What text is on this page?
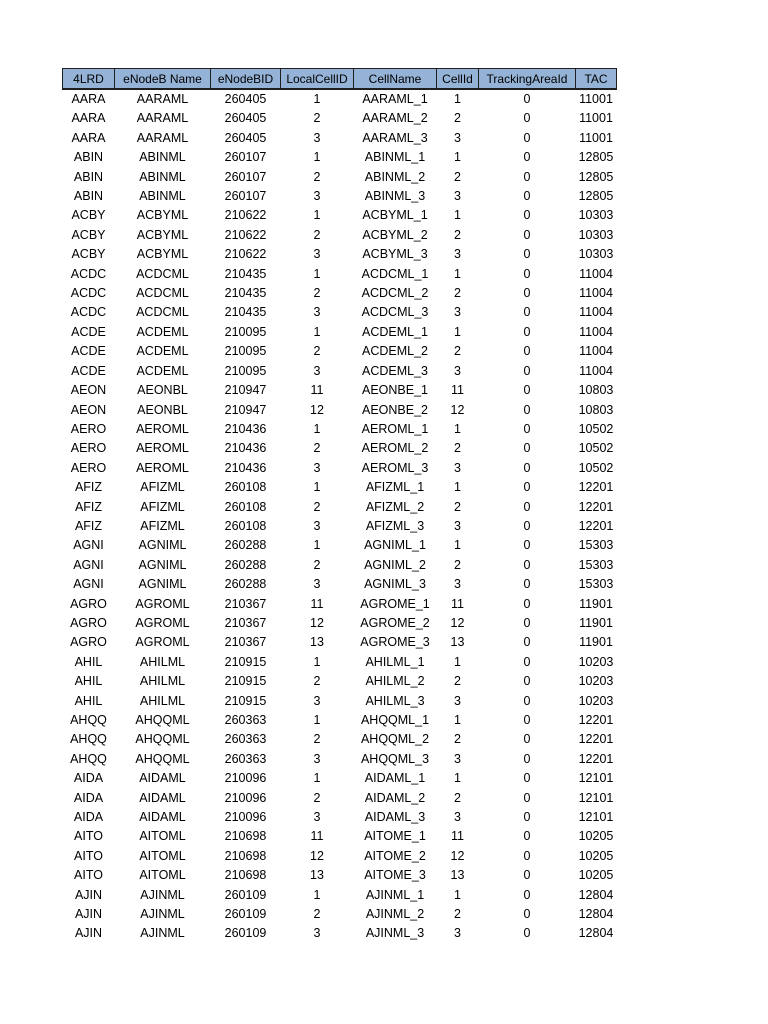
4LRD	eNodeB Name	eNodeBID	LocalCellID	CellName	CellId	TrackingAreaId	TAC
AARA	AARAML	260405	1	AARAML_1	1	0	11001
AARA	AARAML	260405	2	AARAML_2	2	0	11001
AARA	AARAML	260405	3	AARAML_3	3	0	11001
ABIN	ABINML	260107	1	ABINML_1	1	0	12805
ABIN	ABINML	260107	2	ABINML_2	2	0	12805
ABIN	ABINML	260107	3	ABINML_3	3	0	12805
ACBY	ACBYML	210622	1	ACBYML_1	1	0	10303
ACBY	ACBYML	210622	2	ACBYML_2	2	0	10303
ACBY	ACBYML	210622	3	ACBYML_3	3	0	10303
ACDC	ACDCML	210435	1	ACDCML_1	1	0	11004
ACDC	ACDCML	210435	2	ACDCML_2	2	0	11004
ACDC	ACDCML	210435	3	ACDCML_3	3	0	11004
ACDE	ACDEML	210095	1	ACDEML_1	1	0	11004
ACDE	ACDEML	210095	2	ACDEML_2	2	0	11004
ACDE	ACDEML	210095	3	ACDEML_3	3	0	11004
AEON	AEONBL	210947	11	AEONBE_1	11	0	10803
AEON	AEONBL	210947	12	AEONBE_2	12	0	10803
AERO	AEROML	210436	1	AEROML_1	1	0	10502
AERO	AEROML	210436	2	AEROML_2	2	0	10502
AERO	AEROML	210436	3	AEROML_3	3	0	10502
AFIZ	AFIZML	260108	1	AFIZML_1	1	0	12201
AFIZ	AFIZML	260108	2	AFIZML_2	2	0	12201
AFIZ	AFIZML	260108	3	AFIZML_3	3	0	12201
AGNI	AGNIML	260288	1	AGNIML_1	1	0	15303
AGNI	AGNIML	260288	2	AGNIML_2	2	0	15303
AGNI	AGNIML	260288	3	AGNIML_3	3	0	15303
AGRO	AGROML	210367	11	AGROME_1	11	0	11901
AGRO	AGROML	210367	12	AGROME_2	12	0	11901
AGRO	AGROML	210367	13	AGROME_3	13	0	11901
AHIL	AHILML	210915	1	AHILML_1	1	0	10203
AHIL	AHILML	210915	2	AHILML_2	2	0	10203
AHIL	AHILML	210915	3	AHILML_3	3	0	10203
AHQQ	AHQQML	260363	1	AHQQML_1	1	0	12201
AHQQ	AHQQML	260363	2	AHQQML_2	2	0	12201
AHQQ	AHQQML	260363	3	AHQQML_3	3	0	12201
AIDA	AIDAML	210096	1	AIDAML_1	1	0	12101
AIDA	AIDAML	210096	2	AIDAML_2	2	0	12101
AIDA	AIDAML	210096	3	AIDAML_3	3	0	12101
AITO	AITOML	210698	11	AITOME_1	11	0	10205
AITO	AITOML	210698	12	AITOME_2	12	0	10205
AITO	AITOML	210698	13	AITOME_3	13	0	10205
AJIN	AJINML	260109	1	AJINML_1	1	0	12804
AJIN	AJINML	260109	2	AJINML_2	2	0	12804
AJIN	AJINML	260109	3	AJINML_3	3	0	12804
